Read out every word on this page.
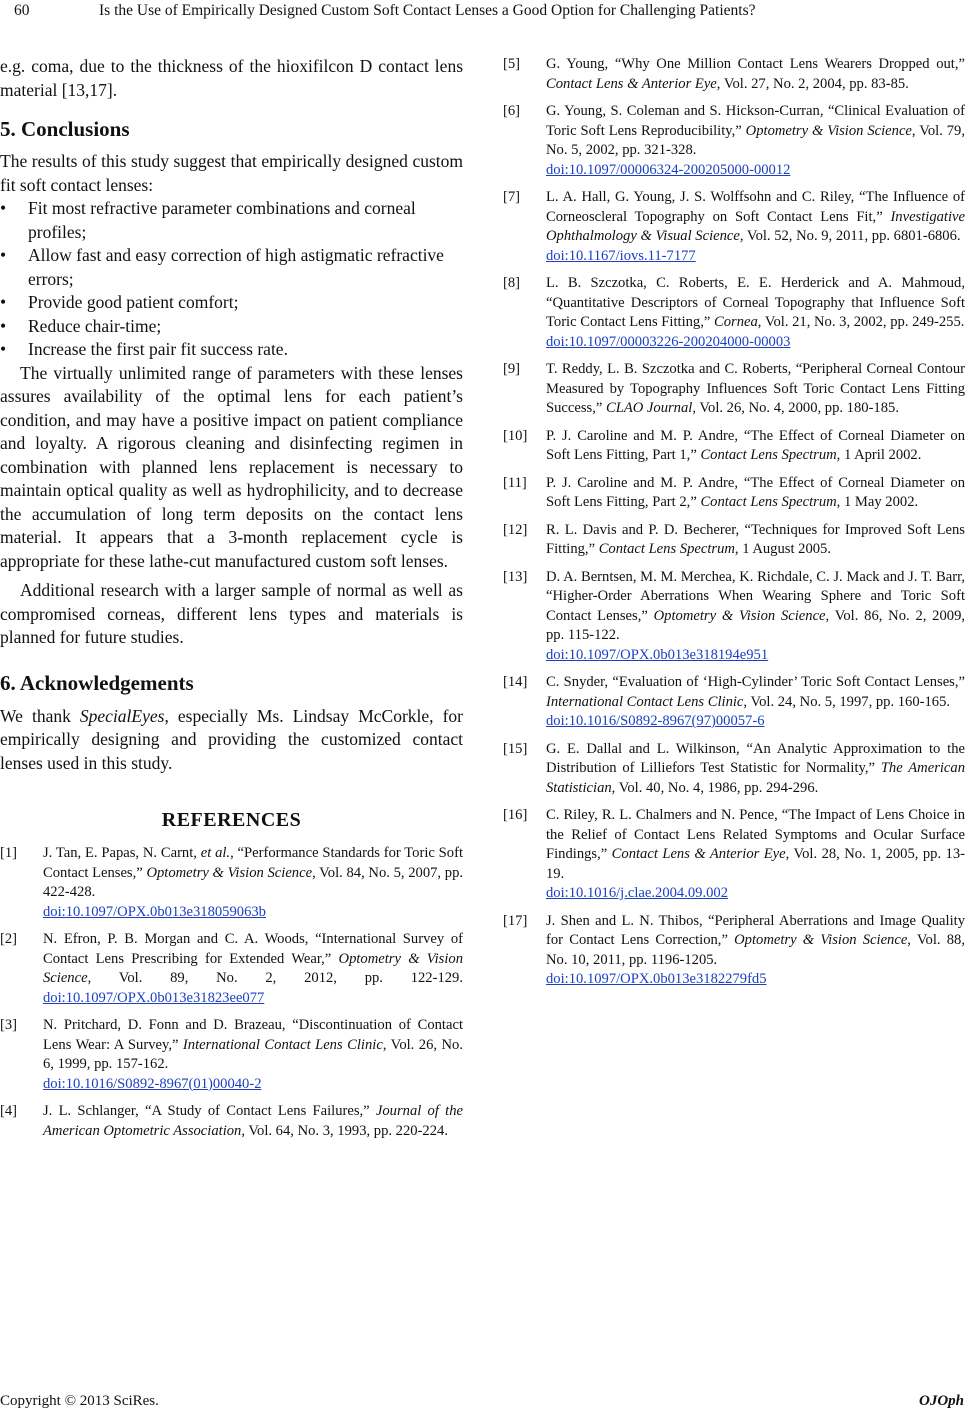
60	Is the Use of Empirically Designed Custom Soft Contact Lenses a Good Option for Challenging Patients?

e.g. coma, due to the thickness of the hioxifilcon D contact lens material [13,17].

5. Conclusions

The results of this study suggest that empirically designed custom fit soft contact lenses:

• Fit most refractive parameter combinations and corneal profiles;
• Allow fast and easy correction of high astigmatic refractive errors;
• Provide good patient comfort;
• Reduce chair-time;
• Increase the first pair fit success rate.

The virtually unlimited range of parameters with these lenses assures availability of the optimal lens for each patient’s condition, and may have a positive impact on patient compliance and loyalty. A rigorous cleaning and disinfecting regimen in combination with planned lens replacement is necessary to maintain optical quality as well as hydrophilicity, and to decrease the accumulation of long term deposits on the contact lens material. It appears that a 3-month replacement cycle is appropriate for these lathe-cut manufactured custom soft lenses.

Additional research with a larger sample of normal as well as compromised corneas, different lens types and materials is planned for future studies.

6. Acknowledgements

We thank SpecialEyes, especially Ms. Lindsay McCorkle, for empirically designing and providing the customized contact lenses used in this study.

REFERENCES
[1] J. Tan, E. Papas, N. Carnt, et al., “Performance Standards for Toric Soft Contact Lenses,” Optometry & Vision Science, Vol. 84, No. 5, 2007, pp. 422-428.
doi:10.1097/OPX.0b013e318059063b
[2] N. Efron, P. B. Morgan and C. A. Woods, “International Survey of Contact Lens Prescribing for Extended Wear,” Optometry & Vision Science, Vol. 89, No. 2, 2012, pp. 122-129. doi:10.1097/OPX.0b013e31823ee077
[3] N. Pritchard, D. Fonn and D. Brazeau, “Discontinuation of Contact Lens Wear: A Survey,” International Contact Lens Clinic, Vol. 26, No. 6, 1999, pp. 157-162.
doi:10.1016/S0892-8967(01)00040-2
[4] J. L. Schlanger, “A Study of Contact Lens Failures,” Journal of the American Optometric Association, Vol. 64, No. 3, 1993, pp. 220-224.
[5] G. Young, “Why One Million Contact Lens Wearers Dropped out,” Contact Lens & Anterior Eye, Vol. 27, No. 2, 2004, pp. 83-85.
[6] G. Young, S. Coleman and S. Hickson-Curran, “Clinical Evaluation of Toric Soft Lens Reproducibility,” Optometry & Vision Science, Vol. 79, No. 5, 2002, pp. 321-328.
doi:10.1097/00006324-200205000-00012
[7] L. A. Hall, G. Young, J. S. Wolffsohn and C. Riley, “The Influence of Corneoscleral Topography on Soft Contact Lens Fit,” Investigative Ophthalmology & Visual Science, Vol. 52, No. 9, 2011, pp. 6801-6806.
doi:10.1167/iovs.11-7177
[8] L. B. Szczotka, C. Roberts, E. E. Herderick and A. Mahmoud, “Quantitative Descriptors of Corneal Topography that Influence Soft Toric Contact Lens Fitting,” Cornea, Vol. 21, No. 3, 2002, pp. 249-255.
doi:10.1097/00003226-200204000-00003
[9] T. Reddy, L. B. Szczotka and C. Roberts, “Peripheral Corneal Contour Measured by Topography Influences Soft Toric Contact Lens Fitting Success,” CLAO Journal, Vol. 26, No. 4, 2000, pp. 180-185.
[10] P. J. Caroline and M. P. Andre, “The Effect of Corneal Diameter on Soft Lens Fitting, Part 1,” Contact Lens Spectrum, 1 April 2002.
[11] P. J. Caroline and M. P. Andre, “The Effect of Corneal Diameter on Soft Lens Fitting, Part 2,” Contact Lens Spectrum, 1 May 2002.
[12] R. L. Davis and P. D. Becherer, “Techniques for Improved Soft Lens Fitting,” Contact Lens Spectrum, 1 August 2005.
[13] D. A. Berntsen, M. M. Merchea, K. Richdale, C. J. Mack and J. T. Barr, “Higher-Order Aberrations When Wearing Sphere and Toric Soft Contact Lenses,” Optometry & Vision Science, Vol. 86, No. 2, 2009, pp. 115-122.
doi:10.1097/OPX.0b013e318194e951
[14] C. Snyder, “Evaluation of ‘High-Cylinder’ Toric Soft Contact Lenses,” International Contact Lens Clinic, Vol. 24, No. 5, 1997, pp. 160-165.
doi:10.1016/S0892-8967(97)00057-6
[15] G. E. Dallal and L. Wilkinson, “An Analytic Approximation to the Distribution of Lilliefors Test Statistic for Normality,” The American Statistician, Vol. 40, No. 4, 1986, pp. 294-296.
[16] C. Riley, R. L. Chalmers and N. Pence, “The Impact of Lens Choice in the Relief of Contact Lens Related Symptoms and Ocular Surface Findings,” Contact Lens & Anterior Eye, Vol. 28, No. 1, 2005, pp. 13-19.
doi:10.1016/j.clae.2004.09.002
[17] J. Shen and L. N. Thibos, “Peripheral Aberrations and Image Quality for Contact Lens Correction,” Optometry & Vision Science, Vol. 88, No. 10, 2011, pp. 1196-1205.
doi:10.1097/OPX.0b013e3182279fd5
Copyright © 2013 SciRes.	OJOph
